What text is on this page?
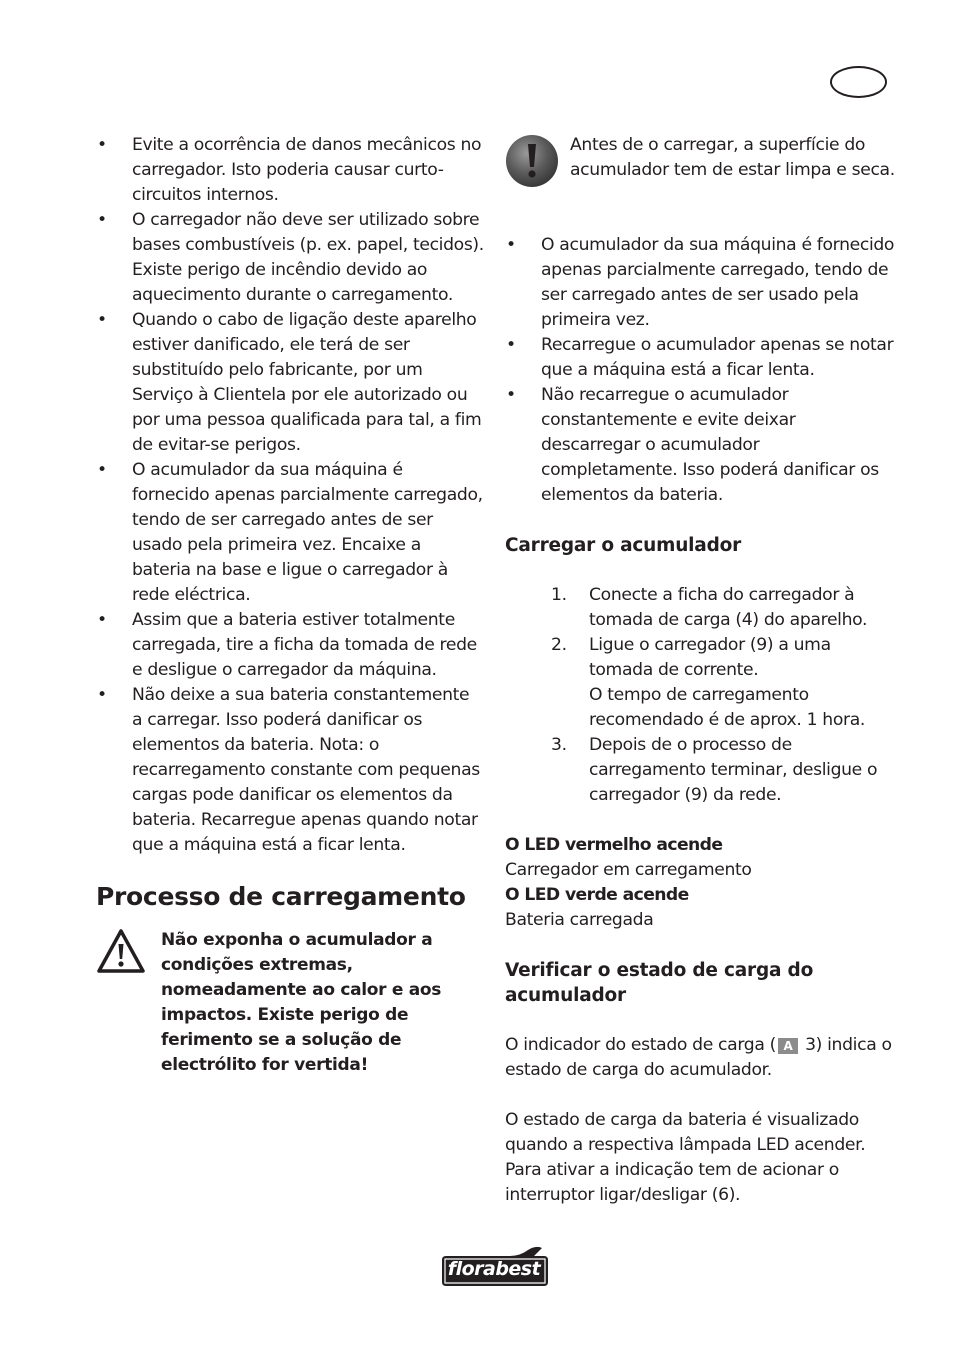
• Evite a ocorrência de danos mecânicos no carregador. Isto poderia causar curto-circuitos internos.
• O carregador não deve ser utilizado sobre bases combustíveis (p. ex. papel, tecidos). Existe perigo de incêndio devido ao aquecimento durante o carregamento.
• Quando o cabo de ligação deste aparelho estiver danificado, ele terá de ser substituído pelo fabricante, por um Serviço à Clientela por ele autorizado ou por uma pessoa qualificada para tal, a fim de evitar-se perigos.
• O acumulador da sua máquina é fornecido apenas parcialmente carregado, tendo de ser carregado antes de ser usado pela primeira vez. Encaixe a bateria na base e ligue o carregador à rede eléctrica.
• Assim que a bateria estiver totalmente carregada, tire a ficha da tomada de rede e desligue o carregador da máquina.
• Não deixe a sua bateria constantemente a carregar. Isso poderá danificar os elementos da bateria. Nota: o recarregamento constante com pequenas cargas pode danificar os elementos da bateria. Recarregue apenas quando notar que a máquina está a ficar lenta.
Processo de carregamento
Não exponha o acumulador a condições extremas, nomeadamente ao calor e aos impactos. Existe perigo de ferimento se a solução de electrólito for vertida!
Antes de o carregar, a superfície do acumulador tem de estar limpa e seca.
• O acumulador da sua máquina é fornecido apenas parcialmente carregado, tendo de ser carregado antes de ser usado pela primeira vez.
• Recarregue o acumulador apenas se notar que a máquina está a ficar lenta.
• Não recarregue o acumulador constantemente e evite deixar descarregar o acumulador completamente. Isso poderá danificar os elementos da bateria.
Carregar o acumulador
1. Conecte a ficha do carregador à tomada de carga (4) do aparelho.
2. Ligue o carregador (9) a uma tomada de corrente.
O tempo de carregamento recomendado é de aprox. 1 hora.
3. Depois de o processo de carregamento terminar, desligue o carregador (9) da rede.
O LED vermelho acende
Carregador em carregamento
O LED verde acende
Bateria carregada
Verificar o estado de carga do acumulador

O indicador do estado de carga ( A 3) indica o estado de carga do acumulador.

O estado de carga da bateria é visualizado quando a respectiva lâmpada LED acender. Para ativar a indicação tem de acionar o interruptor ligar/desligar (6).

florabest
